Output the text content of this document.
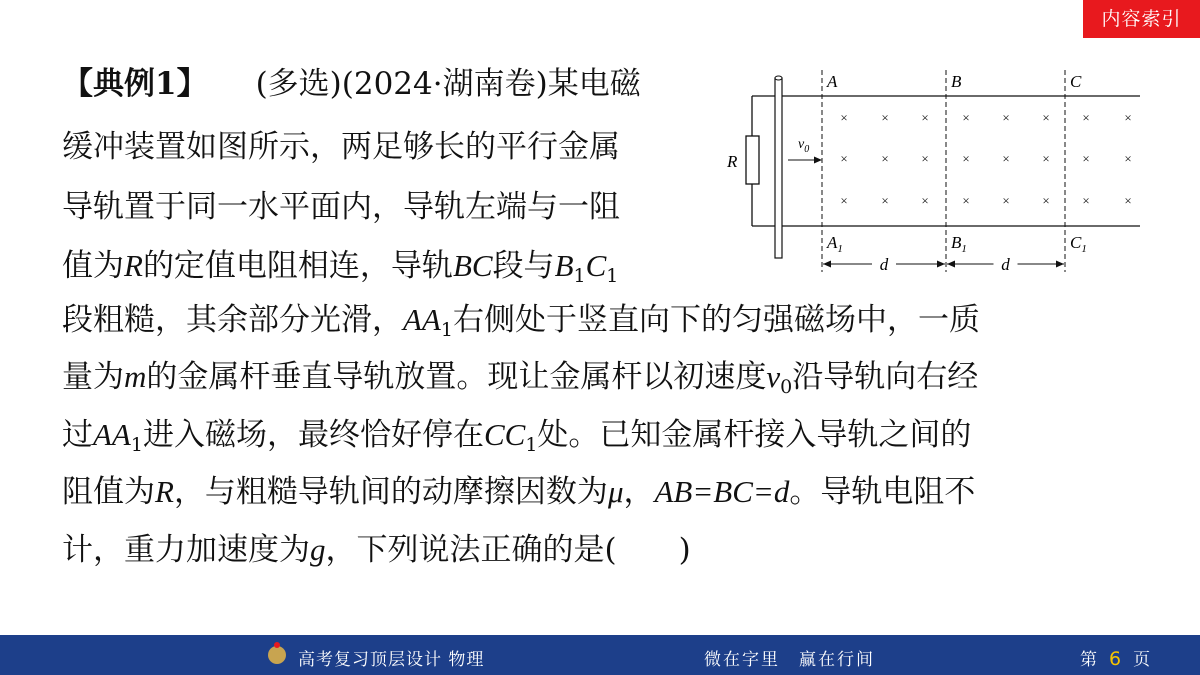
内容索引
【典例1】 (多选)(2024·湖南卷)某电磁
缓冲装置如图所示，两足够长的平行金属
导轨置于同一水平面内，导轨左端与一阻
值为R的定值电阻相连，导轨BC段与$B_1C_1$
段粗糙，其余部分光滑，$AA_1$右侧处于竖直向下的匀强磁场中，一质
量为m的金属杆垂直导轨放置。现让金属杆以初速度$v_0$沿导轨向右经
过$AA_1$进入磁场，最终恰好停在$CC_1$处。已知金属杆接入导轨之间的
阻值为R，与粗糙导轨间的动摩擦因数为μ，AB=BC=d。导轨电阻不
计，重力加速度为g，下列说法正确的是(　　)
R
$v_0$
A	B	C
$A_1$	$B_1$	$C_1$
×	×	×	×	×	×	×	×
×	×	×	×	×	×	×	×
×	×	×	×	×	×	×	×
d	d
高考复习顶层设计 物理	微在字里　赢在行间	第 6 页
